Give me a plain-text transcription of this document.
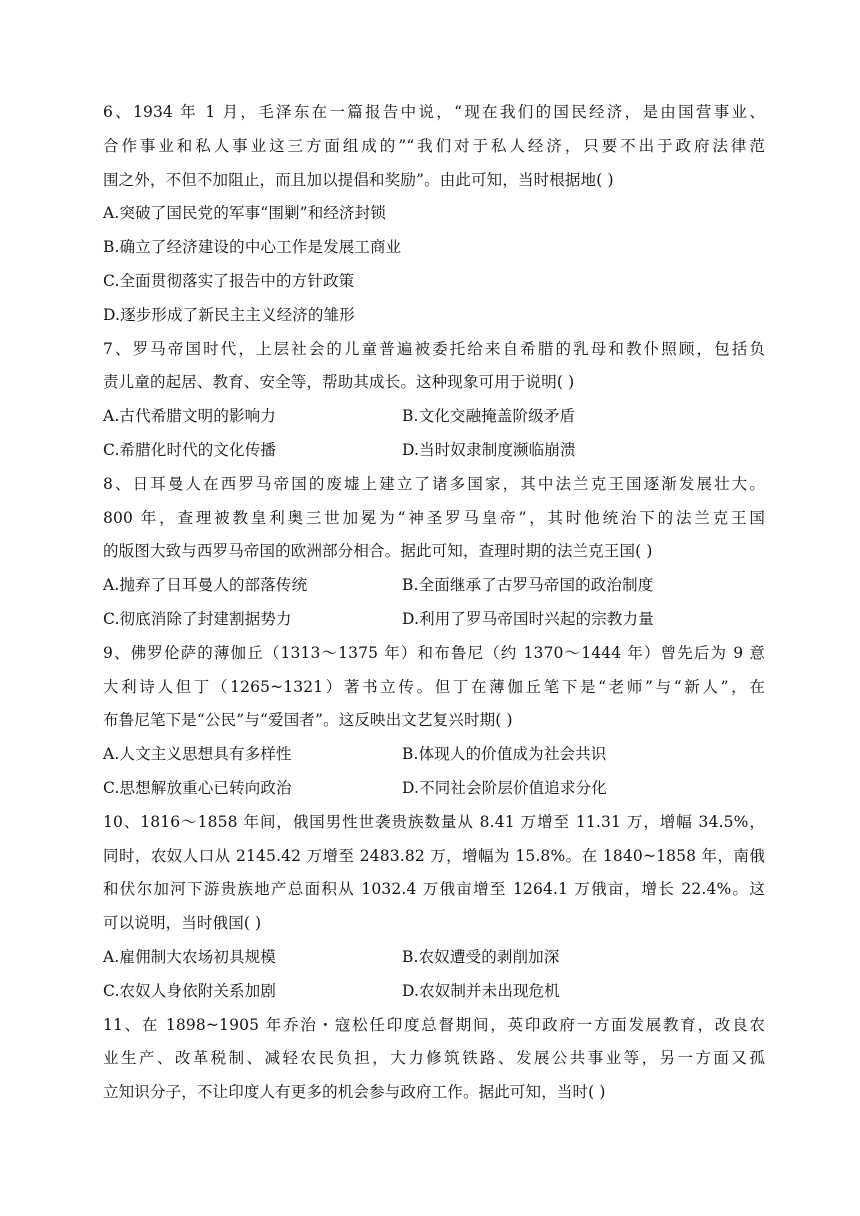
6、1934 年 1 月，毛泽东在一篇报告中说，“现在我们的国民经济，是由国营事业、
合作事业和私人事业这三方面组成的”“我们对于私人经济，只要不出于政府法律范
围之外，不但不加阻止，而且加以提倡和奖励”。由此可知，当时根据地( )
A.突破了国民党的军事“围剿”和经济封锁
B.确立了经济建设的中心工作是发展工商业
C.全面贯彻落实了报告中的方针政策
D.逐步形成了新民主主义经济的雏形
7、罗马帝国时代，上层社会的儿童普遍被委托给来自希腊的乳母和教仆照顾，包括负
责儿童的起居、教育、安全等，帮助其成长。这种现象可用于说明( )
A.古代希腊文明的影响力	B.文化交融掩盖阶级矛盾
C.希腊化时代的文化传播	D.当时奴隶制度濒临崩溃
8、日耳曼人在西罗马帝国的废墟上建立了诸多国家，其中法兰克王国逐渐发展壮大。
800 年，查理被教皇利奥三世加冕为“神圣罗马皇帝”，其时他统治下的法兰克王国
的版图大致与西罗马帝国的欧洲部分相合。据此可知，查理时期的法兰克王国( )
A.抛弃了日耳曼人的部落传统	B.全面继承了古罗马帝国的政治制度
C.彻底消除了封建割据势力	D.利用了罗马帝国时兴起的宗教力量
9、佛罗伦萨的薄伽丘（1313～1375 年）和布鲁尼（约 1370～1444 年）曾先后为 9 意
大利诗人但丁（1265~1321）著书立传。但丁在薄伽丘笔下是“老师”与“新人”，在
布鲁尼笔下是“公民”与“爱国者”。这反映出文艺复兴时期( )
A.人文主义思想具有多样性	B.体现人的价值成为社会共识
C.思想解放重心已转向政治	D.不同社会阶层价值追求分化
10、1816～1858 年间，俄国男性世袭贵族数量从 8.41 万增至 11.31 万，增幅 34.5%，
同时，农奴人口从 2145.42 万增至 2483.82 万，增幅为 15.8%。在 1840~1858 年，南俄
和伏尔加河下游贵族地产总面积从 1032.4 万俄亩增至 1264.1 万俄亩，增长 22.4%。这
可以说明，当时俄国( )
A.雇佣制大农场初具规模	B.农奴遭受的剥削加深
C.农奴人身依附关系加剧	D.农奴制并未出现危机
11、在 1898~1905 年乔治・寇松任印度总督期间，英印政府一方面发展教育，改良农
业生产、改革税制、减轻农民负担，大力修筑铁路、发展公共事业等，另一方面又孤
立知识分子，不让印度人有更多的机会参与政府工作。据此可知，当时( )
